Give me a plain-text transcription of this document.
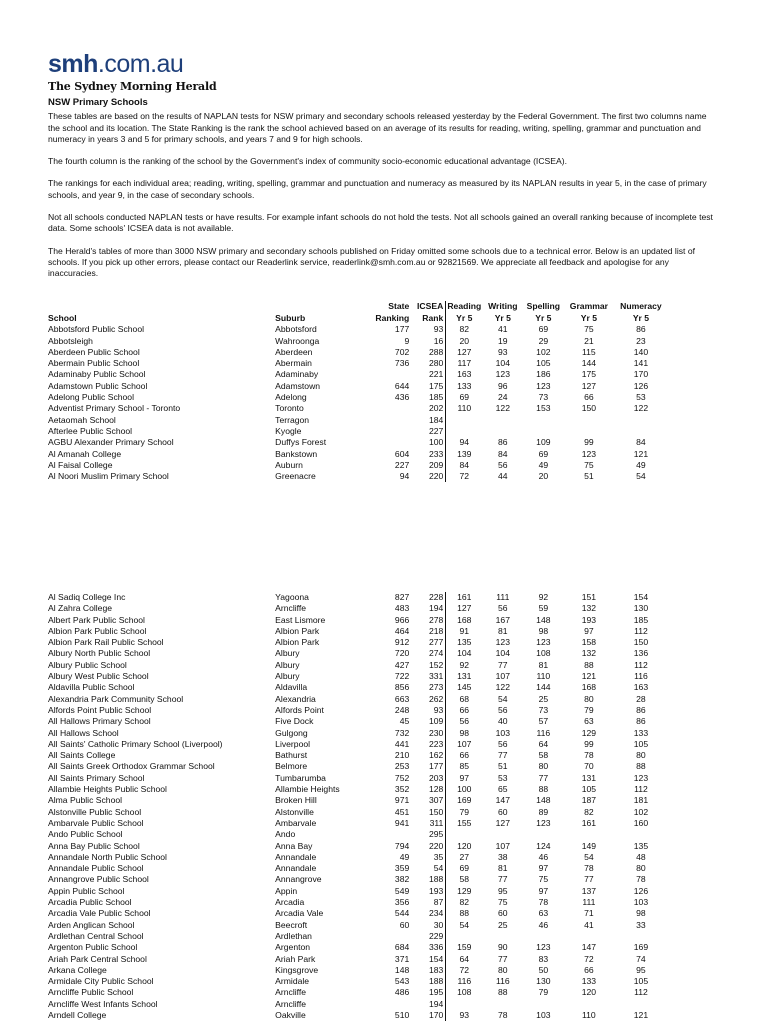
smh.com.au
The Sydney Morning Herald
NSW Primary Schools

These tables are based on the results of NAPLAN tests for NSW primary and secondary schools released yesterday by the Federal Government. The first two columns name the school and its location. The State Ranking is the rank the school achieved based on an average of its results for reading, writing, spelling, grammar and punctuation and numeracy in years 3 and 5 for primary schools, and years 7 and 9 for high schools.

The fourth column is the ranking of the school by the Government's index of community socio-economic educational advantage (ICSEA).

The rankings for each individual area; reading, writing, spelling, grammar and punctuation and numeracy as measured by its NAPLAN results in year 5, in the case of primary schools, and year 9, in the case of secondary schools.

Not all schools conducted NAPLAN tests or have results. For example infant schools do not hold the tests. Not all schools gained an overall ranking because of incomplete test data. Some schools' ICSEA data is not available.

The Herald's tables of more than 3000 NSW primary and secondary schools published on Friday omitted some schools due to a technical error. Below is an updated list of schools. If you pick up other errors, please contact our Readerlink service, readerlink@smh.com.au or 92821569. We appreciate all feedback and apologise for any inaccuracies.

		State	ICSEA	Reading	Writing	Spelling	Grammar	Numeracy
School	Suburb	Ranking	Rank	Yr 5	Yr 5	Yr 5	Yr 5	Yr 5
Abbotsford Public School	Abbotsford	177	93	82	41	69	75	86
Abbotsleigh	Wahroonga	9	16	20	19	29	21	23
Aberdeen Public School	Aberdeen	702	288	127	93	102	115	140
Abermain Public School	Abermain	736	280	117	104	105	144	141
Adaminaby Public School	Adaminaby		221	163	123	186	175	170
Adamstown Public School	Adamstown	644	175	133	96	123	127	126
Adelong Public School	Adelong	436	185	69	24	73	66	53
Adventist Primary School - Toronto	Toronto		202	110	122	153	150	122
Aetaomah School	Terragon		184					
Afterlee Public School	Kyogle		227					
AGBU Alexander Primary School	Duffys Forest		100	94	86	109	99	84
Al Amanah College	Bankstown	604	233	139	84	69	123	121
Al Faisal College	Auburn	227	209	84	56	49	75	49
Al Noori Muslim Primary School	Greenacre	94	220	72	44	20	51	54
Al Sadiq College Inc	Yagoona	827	228	161	111	92	151	154
Al Zahra College	Arncliffe	483	194	127	56	59	132	130
Albert Park Public School	East Lismore	966	278	168	167	148	193	185
Albion Park Public School	Albion Park	464	218	91	81	98	97	112
Albion Park Rail Public School	Albion Park	912	277	135	123	123	158	150
Albury North Public School	Albury	720	274	104	104	108	132	136
Albury Public School	Albury	427	152	92	77	81	88	112
Albury West Public School	Albury	722	331	131	107	110	121	116
Aldavilla Public School	Aldavilla	856	273	145	122	144	168	163
Alexandria Park Community School	Alexandria	663	262	68	54	25	80	28
Alfords Point Public School	Alfords Point	248	93	66	56	73	79	86
All Hallows Primary School	Five Dock	45	109	56	40	57	63	86
All Hallows School	Gulgong	732	230	98	103	116	129	133
All Saints' Catholic Primary School (Liverpool)	Liverpool	441	223	107	56	64	99	105
All Saints College	Bathurst	210	162	66	77	58	78	80
All Saints Greek Orthodox Grammar School	Belmore	253	177	85	51	80	70	88
All Saints Primary School	Tumbarumba	752	203	97	53	77	131	123
Allambie Heights Public School	Allambie Heights	352	128	100	65	88	105	112
Alma Public School	Broken Hill	971	307	169	147	148	187	181
Alstonville Public School	Alstonville	451	150	79	60	89	82	102
Ambarvale Public School	Ambarvale	941	311	155	127	123	161	160
Ando Public School	Ando		295					
Anna Bay Public School	Anna Bay	794	220	120	107	124	149	135
Annandale North Public School	Annandale	49	35	27	38	46	54	48
Annandale Public School	Annandale	359	54	69	81	97	78	80
Annangrove Public School	Annangrove	382	188	58	77	75	77	78
Appin Public School	Appin	549	193	129	95	97	137	126
Arcadia Public School	Arcadia	356	87	82	75	78	111	103
Arcadia Vale Public School	Arcadia Vale	544	234	88	60	63	71	98
Arden Anglican School	Beecroft	60	30	54	25	46	41	33
Ardlethan Central School	Ardlethan		229					
Argenton Public School	Argenton	684	336	159	90	123	147	169
Ariah Park Central School	Ariah Park	371	154	64	77	83	72	74
Arkana College	Kingsgrove	148	183	72	80	50	66	95
Armidale City Public School	Armidale	543	188	116	116	130	133	105
Arncliffe Public School	Arncliffe	486	195	108	88	79	120	112
Arncliffe West Infants School	Arncliffe		194					
Arndell College	Oakville	510	170	93	78	103	110	121
